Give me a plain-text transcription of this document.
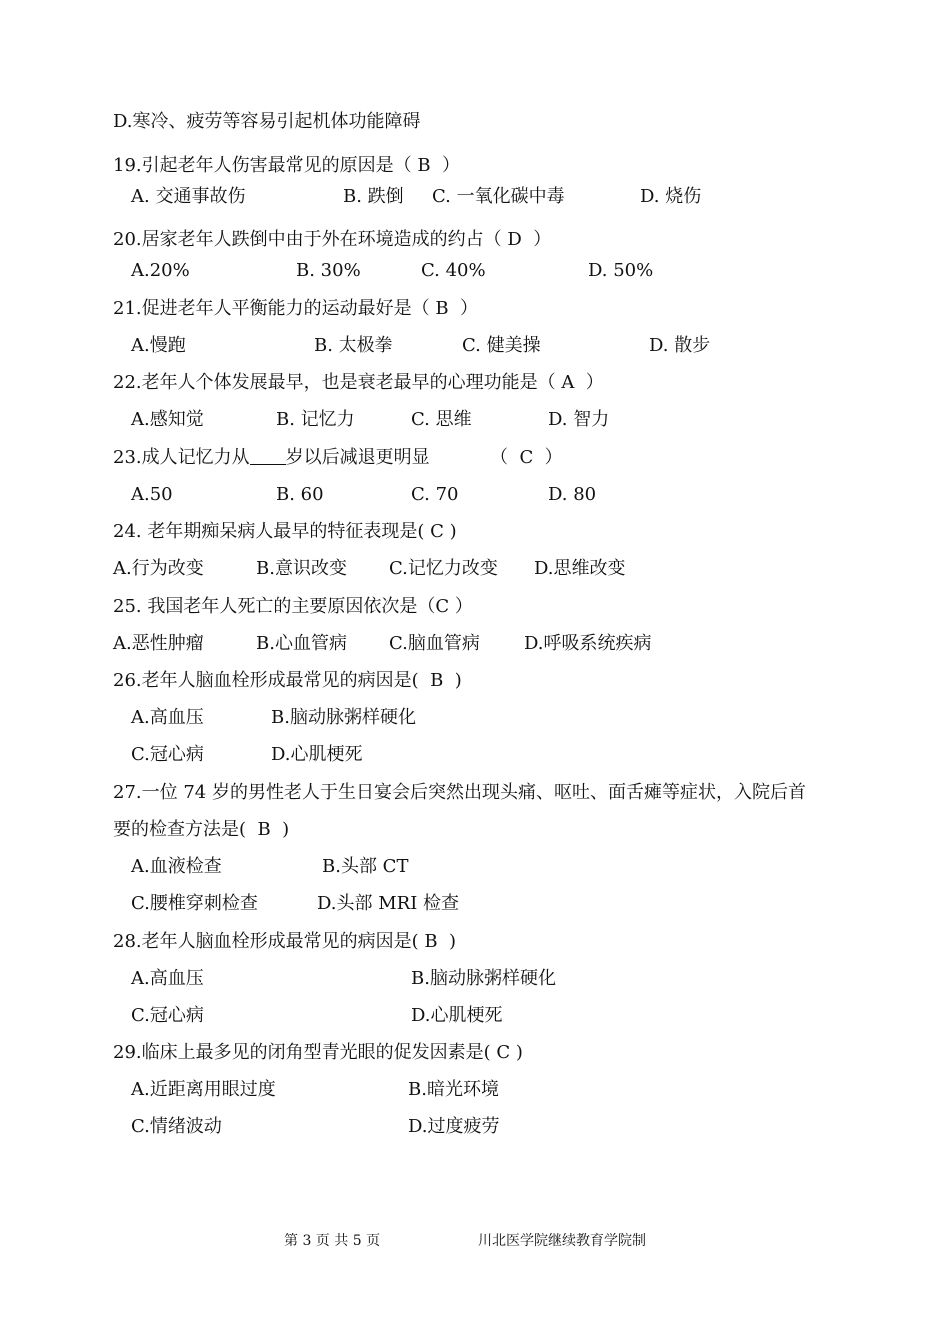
D.寒冷、疲劳等容易引起机体功能障碍
19.引起老年人伤害最常见的原因是（ B  ）
A. 交通事故伤	B. 跌倒 C. 一氧化碳中毒	D. 烧伤
20.居家老年人跌倒中由于外在环境造成的约占（ D  ）
A.20%	B. 30%	C. 40%	D. 50%
21.促进老年人平衡能力的运动最好是（ B  ）
A.慢跑	B. 太极拳	C. 健美操	D. 散步
22.老年人个体发展最早，也是衰老最早的心理功能是（ A  ）
A.感知觉	B. 记忆力	C. 思维	D. 智力
23.成人记忆力从 岁以后减退更明显	（  C  ）
A.50	B. 60	C. 70	D. 80
24. 老年期痴呆病人最早的特征表现是( C )
A.行为改变	B.意识改变 C.记忆力改变 D.思维改变
25. 我国老年人死亡的主要原因依次是（C ）
A.恶性肿瘤	B.心血管病 C.脑血管病 D.呼吸系统疾病
26.老年人脑血栓形成最常见的病因是(  B  )
A.高血压	B.脑动脉粥样硬化
C.冠心病	D.心肌梗死
27.一位 74 岁的男性老人于生日宴会后突然出现头痛、呕吐、面舌瘫等症状，入院后首
要的检查方法是(  B  )
A.血液检查	B.头部 CT
C.腰椎穿刺检查	D.头部 MRI 检查
28.老年人脑血栓形成最常见的病因是( B  )
A.高血压	B.脑动脉粥样硬化
C.冠心病	D.心肌梗死
29.临床上最多见的闭角型青光眼的促发因素是( C )
A.近距离用眼过度	B.暗光环境
C.情绪波动	D.过度疲劳
第 3 页 共 5 页	川北医学院继续教育学院制
